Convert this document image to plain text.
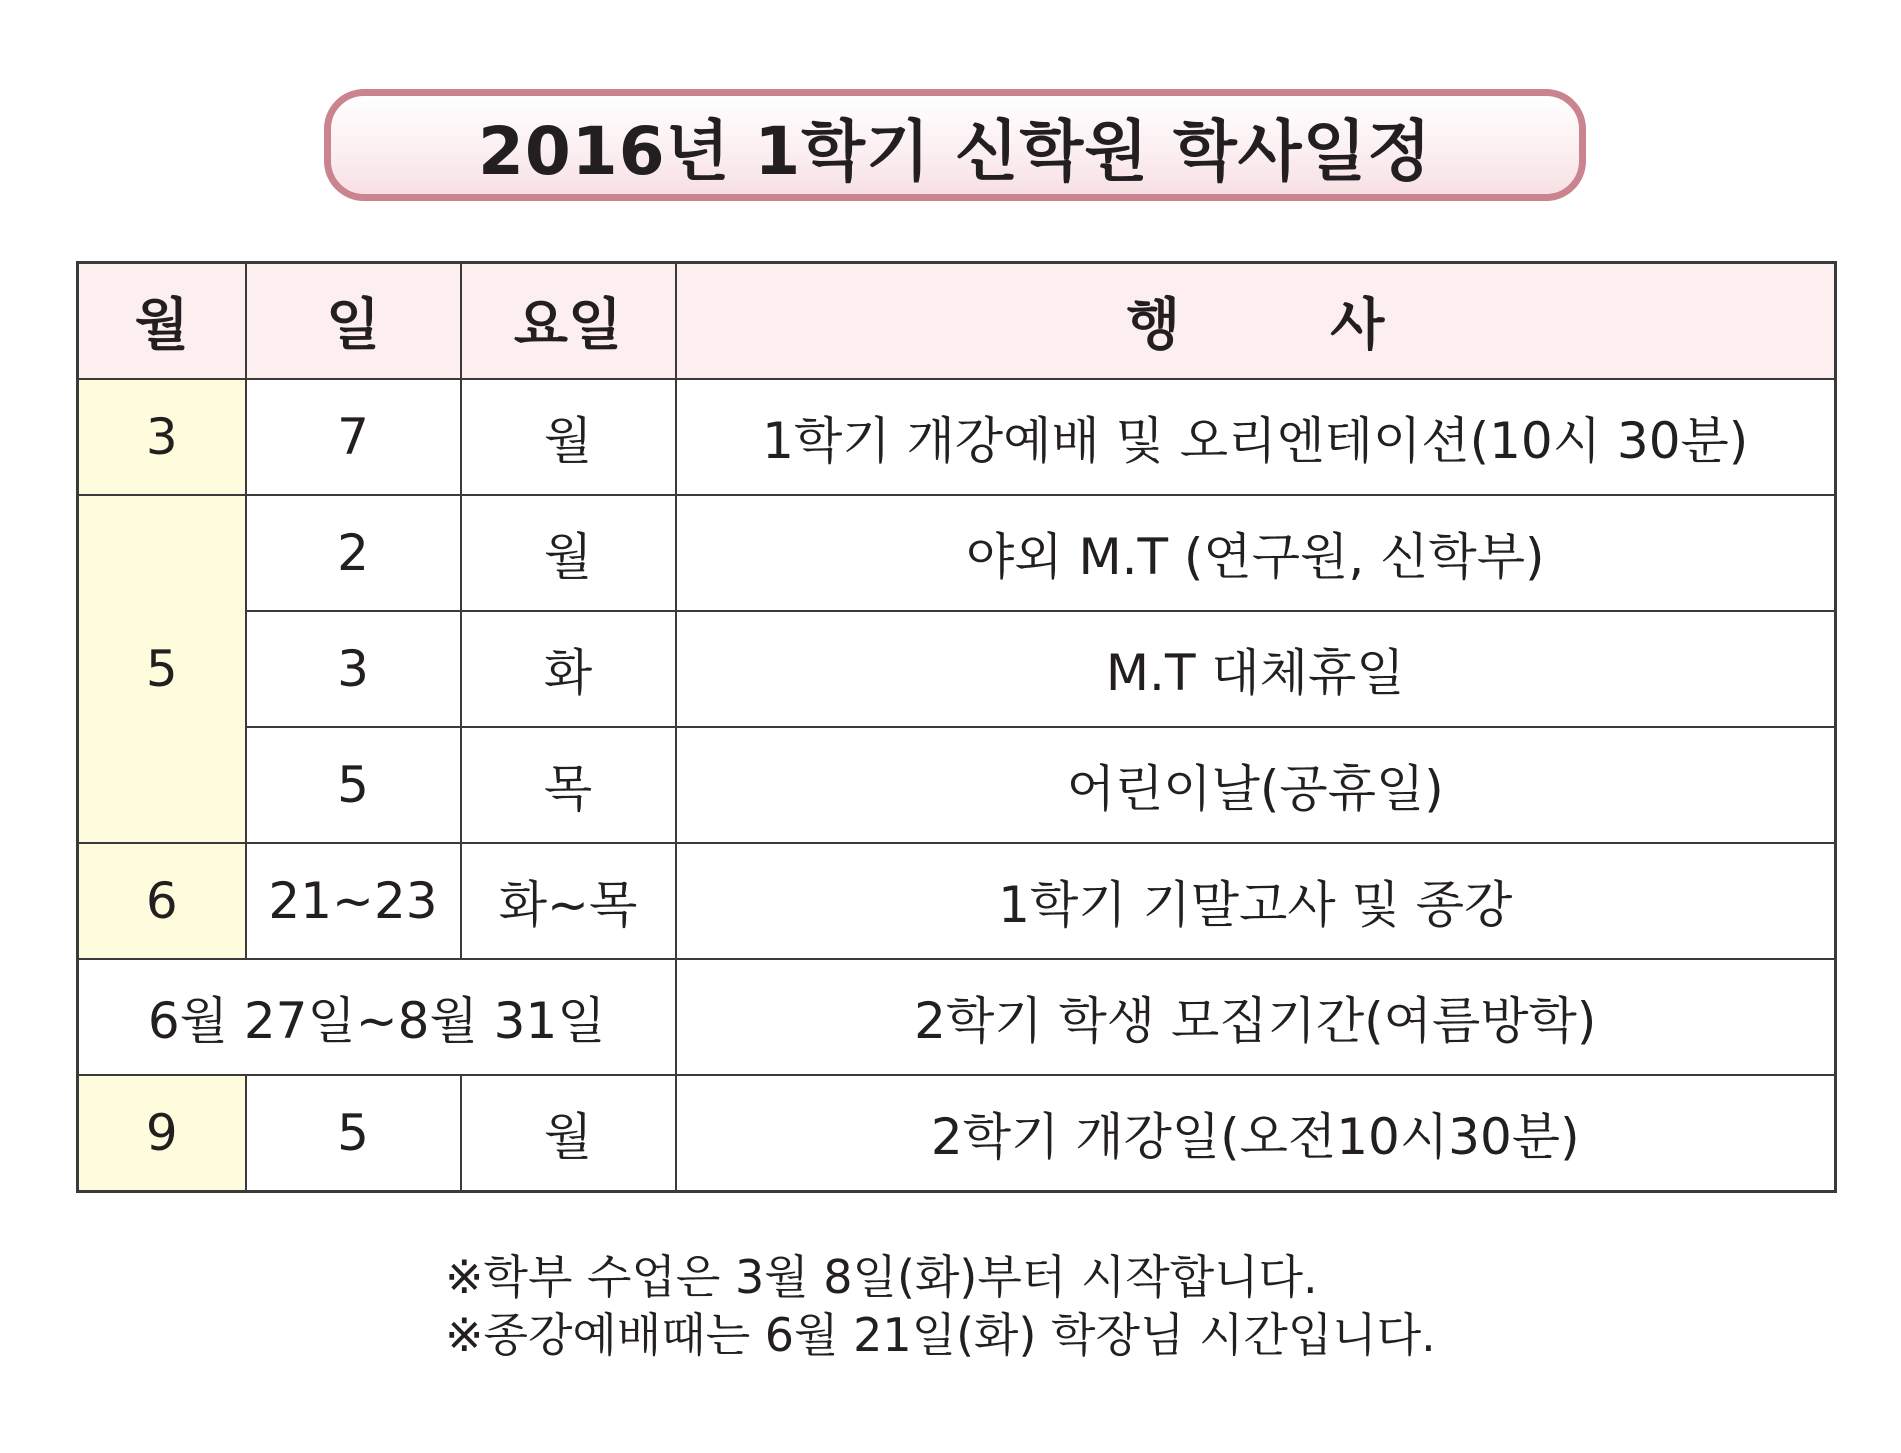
2016년 1학기 신학원 학사일정
월	일	요일	행 사
3	7	월	1학기 개강예배 및 오리엔테이션(10시 30분)
5	2	월	야외 M.T (연구원, 신학부)
	3	화	M.T 대체휴일
	5	목	어린이날(공휴일)
6	21∼23	화∼목	1학기 기말고사 및 종강
6월 27일∼8월 31일			2학기 학생 모집기간(여름방학)
9	5	월	2학기 개강일(오전10시30분)
※학부 수업은 3월 8일(화)부터 시작합니다.
※종강예배때는 6월 21일(화) 학장님 시간입니다.
